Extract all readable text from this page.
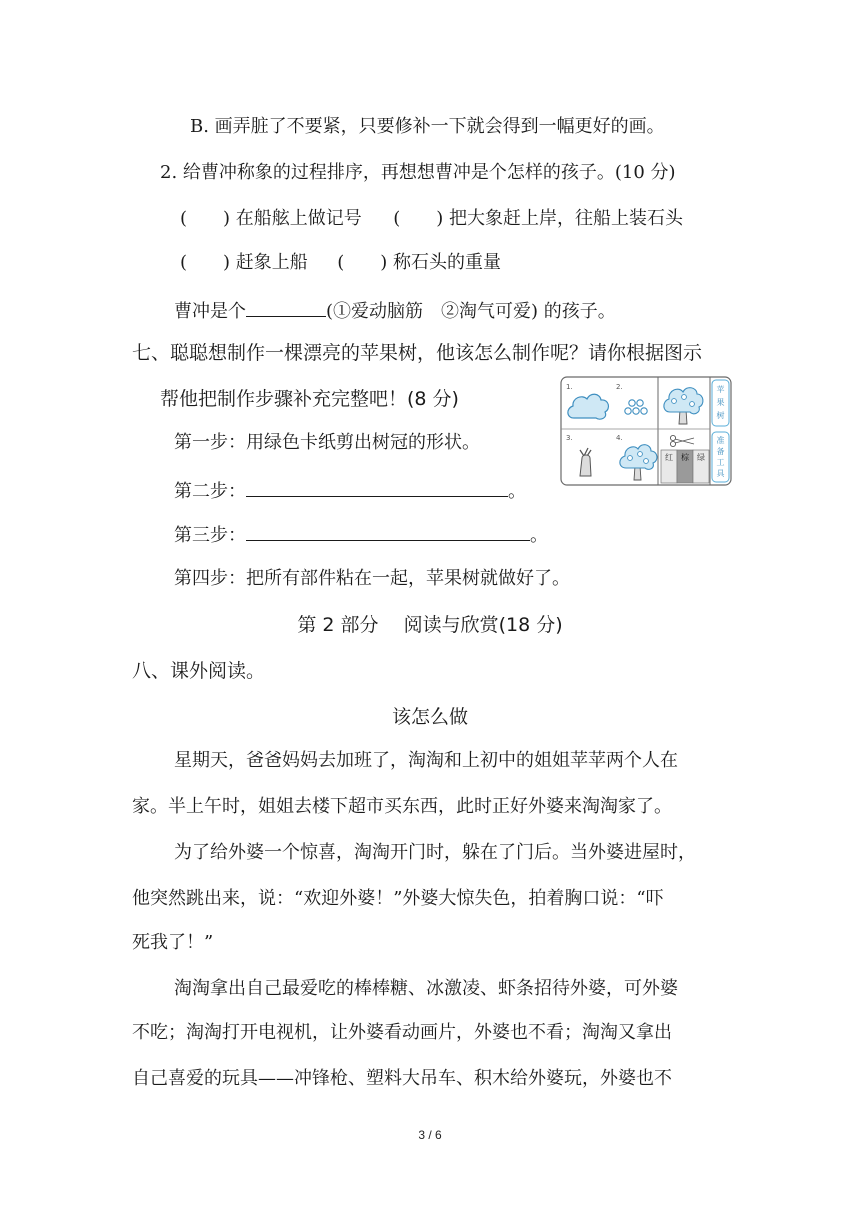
B. 画弄脏了不要紧，只要修补一下就会得到一幅更好的画。
2. 给曹冲称象的过程排序，再想想曹冲是个怎样的孩子。(10 分)
(　　) 在船舷上做记号 (　　) 把大象赶上岸，往船上装石头
(　　) 赶象上船 (　　) 称石头的重量
曹冲是个	(①爱动脑筋　②淘气可爱) 的孩子。
七、聪聪想制作一棵漂亮的苹果树，他该怎么制作呢？请你根据图示
帮他把制作步骤补充完整吧！(8 分)
第一步：用绿色卡纸剪出树冠的形状。
第二步：	。
第三步：	。
第四步：把所有部件粘在一起，苹果树就做好了。
1.	2.
3.	4.
红 棕 绿
苹果树
准备工具
第 2 部分　 阅读与欣赏(18 分)
八、课外阅读。
该怎么做
星期天，爸爸妈妈去加班了，淘淘和上初中的姐姐苹苹两个人在
家。半上午时，姐姐去楼下超市买东西，此时正好外婆来淘淘家了。
为了给外婆一个惊喜，淘淘开门时，躲在了门后。当外婆进屋时，
他突然跳出来，说：“欢迎外婆！”外婆大惊失色，拍着胸口说：“吓
死我了！”
淘淘拿出自己最爱吃的棒棒糖、冰激凌、虾条招待外婆，可外婆
不吃；淘淘打开电视机，让外婆看动画片，外婆也不看；淘淘又拿出
自己喜爱的玩具——冲锋枪、塑料大吊车、积木给外婆玩，外婆也不
3 / 6
